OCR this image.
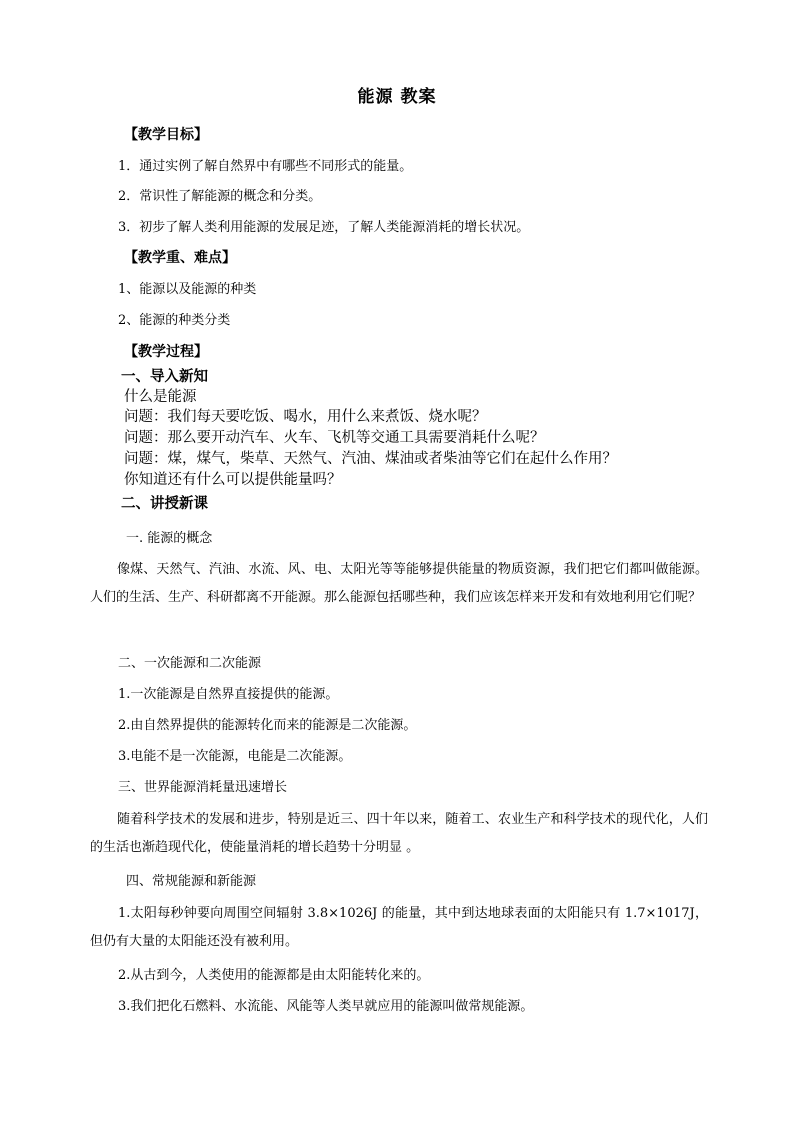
能源 教案
【教学目标】
1．通过实例了解自然界中有哪些不同形式的能量。
2．常识性了解能源的概念和分类。
3．初步了解人类利用能源的发展足迹，了解人类能源消耗的增长状况。
【教学重、难点】
1、能源以及能源的种类
2、能源的种类分类
【教学过程】
一、导入新知
什么是能源
问题：我们每天要吃饭、喝水，用什么来煮饭、烧水呢？
问题：那么要开动汽车、火车、飞机等交通工具需要消耗什么呢？
问题：煤，煤气，柴草、天然气、汽油、煤油或者柴油等它们在起什么作用？
你知道还有什么可以提供能量吗？
二、讲授新课
一. 能源的概念
像煤、天然气、汽油、水流、风、电、太阳光等等能够提供能量的物质资源，我们把它们都叫做能源。人们的生活、生产、科研都离不开能源。那么能源包括哪些种，我们应该怎样来开发和有效地利用它们呢？
二、一次能源和二次能源
1.一次能源是自然界直接提供的能源。
2.由自然界提供的能源转化而来的能源是二次能源。
3.电能不是一次能源，电能是二次能源。
三、世界能源消耗量迅速增长
随着科学技术的发展和进步，特别是近三、四十年以来，随着工、农业生产和科学技术的现代化，人们的生活也渐趋现代化，使能量消耗的增长趋势十分明显 。
四、常规能源和新能源
1.太阳每秒钟要向周围空间辐射 3.8×1026J 的能量，其中到达地球表面的太阳能只有 1.7×1017J，但仍有大量的太阳能还没有被利用。
2.从古到今，人类使用的能源都是由太阳能转化来的。
3.我们把化石燃料、水流能、风能等人类早就应用的能源叫做常规能源。
